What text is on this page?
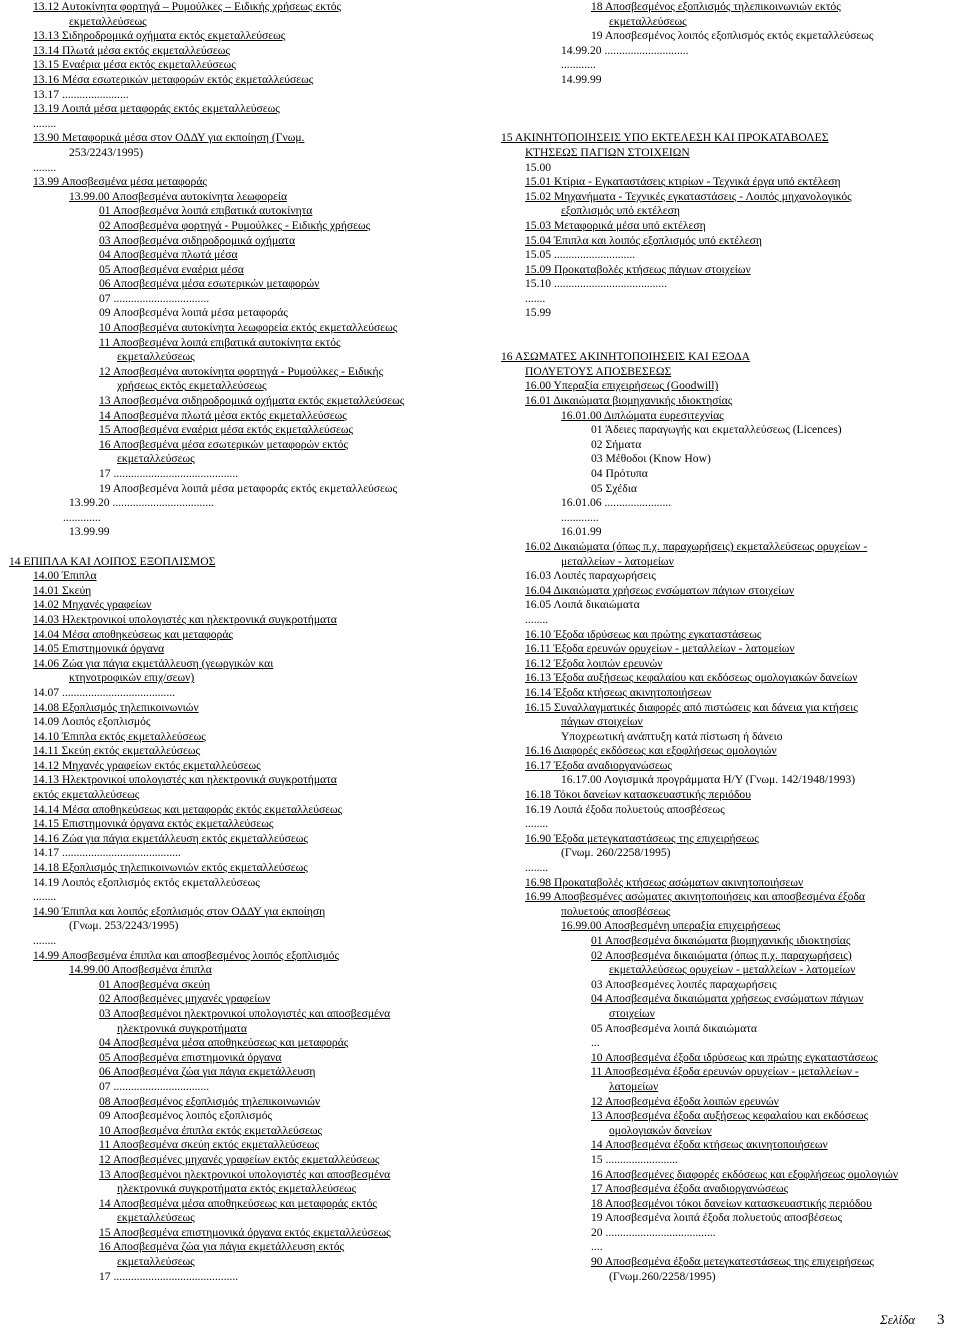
13.12 Αυτοκίνητα φορτηγά – Ρυμούλκες – Ειδικής χρήσεως εκτός
εκμεταλλεύσεως
13.13 Σιδηροδρομικά οχήματα εκτός εκμεταλλεύσεως
13.14 Πλωτά μέσα εκτός εκμεταλλεύσεως
13.15 Εναέρια μέσα εκτός εκμεταλλεύσεως
13.16 Μέσα εσωτερικών μεταφορών εκτός εκμεταλλεύσεως
13.17 .......................
13.19 Λοιπά μέσα μεταφοράς εκτός εκμεταλλεύσεως
........
13.90 Μεταφορικά μέσα στον ΟΔΔΥ για εκποίηση (Γνωμ.
253/2243/1995)
........
13.99 Αποσβεσμένα μέσα μεταφοράς
13.99.00 Αποσβεσμένα αυτοκίνητα λεωφορεία
01 Αποσβεσμένα λοιπά επιβατικά αυτοκίνητα
02 Αποσβεσμένα φορτηγά - Ρυμούλκες - Ειδικής χρήσεως
03 Αποσβεσμένα σιδηροδρομικά οχήματα
04 Αποσβεσμένα πλωτά μέσα
05 Αποσβεσμένα εναέρια μέσα
06 Αποσβεσμένα μέσα εσωτερικών μεταφορών
07 .................................
09 Αποσβεσμένα λοιπά μέσα μεταφοράς
10 Αποσβεσμένα αυτοκίνητα λεωφορεία εκτός εκμεταλλεύσεως
11 Αποσβεσμένα λοιπά επιβατικά αυτοκίνητα εκτός
εκμεταλλεύσεως
12 Αποσβεσμένα αυτοκίνητα φορτηγά - Ρυμούλκες - Ειδικής
χρήσεως εκτός εκμεταλλεύσεως
13 Αποσβεσμένα σιδηροδρομικά οχήματα εκτός εκμεταλλεύσεως
14 Αποσβεσμένα πλωτά μέσα εκτός εκμεταλλεύσεως
15 Αποσβεσμένα εναέρια μέσα εκτός εκμεταλλεύσεως
16 Αποσβεσμένα μέσα εσωτερικών μεταφορών εκτός
εκμεταλλεύσεως
17 ...........................................
19 Αποσβεσμένα λοιπά μέσα μεταφοράς εκτός εκμεταλλεύσεως
13.99.20 ...................................
.............
13.99.99
14 ΕΠΙΠΛΑ ΚΑΙ ΛΟΙΠΟΣ ΕΞΟΠΛΙΣΜΟΣ
14.00 Έπιπλα
14.01 Σκεύη
14.02 Μηχανές γραφείων
14.03 Ηλεκτρονικοί υπολογιστές και ηλεκτρονικά συγκροτήματα
14.04 Μέσα αποθηκεύσεως και μεταφοράς
14.05 Επιστημονικά όργανα
14.06 Ζώα για πάγια εκμετάλλευση (γεωργικών και
κτηνοτροφικών επιχ/σεων)
14.07 .......................................
14.08 Εξοπλισμός τηλεπικοινωνιών
14.09 Λοιπός εξοπλισμός
14.10 Έπιπλα εκτός εκμεταλλεύσεως
14.11 Σκεύη εκτός εκμεταλλεύσεως
14.12 Μηχανές γραφείων εκτός εκμεταλλεύσεως
14.13 Ηλεκτρονικοί υπολογιστές και ηλεκτρονικά συγκροτήματα
εκτός εκμεταλλεύσεως
14.14 Μέσα αποθηκεύσεως και μεταφοράς εκτός εκμεταλλεύσεως
14.15 Επιστημονικά όργανα εκτός εκμεταλλεύσεως
14.16 Ζώα για πάγια εκμετάλλευση εκτός εκμεταλλεύσεως
14.17 .........................................
14.18 Εξοπλισμός τηλεπικοινωνιών εκτός εκμεταλλεύσεως
14.19 Λοιπός εξοπλισμός εκτός εκμεταλλεύσεως
........
14.90 Έπιπλα και λοιπός εξοπλισμός στον ΟΔΔΥ για εκποίηση
(Γνωμ. 253/2243/1995)
........
14.99 Αποσβεσμένα έπιπλα και αποσβεσμένος λοιπός εξοπλισμός
14.99.00 Αποσβεσμένα έπιπλα
01 Αποσβεσμένα σκεύη
02 Αποσβεσμένες μηχανές γραφείων
03 Αποσβεσμένοι ηλεκτρονικοί υπολογιστές και αποσβεσμένα
ηλεκτρονικά συγκροτήματα
04 Αποσβεσμένα μέσα αποθηκεύσεως και μεταφοράς
05 Αποσβεσμένα επιστημονικά όργανα
06 Αποσβεσμένα ζώα για πάγια εκμετάλλευση
07 .................................
08 Αποσβεσμένος εξοπλισμός τηλεπικοινωνιών
09 Αποσβεσμένος λοιπός εξοπλισμός
10 Αποσβεσμένα έπιπλα εκτός εκμεταλλεύσεως
11 Αποσβεσμένα σκεύη εκτός εκμεταλλεύσεως
12 Αποσβεσμένες μηχανές γραφείων εκτός εκμεταλλεύσεως
13 Αποσβεσμένοι ηλεκτρονικοί υπολογιστές και αποσβεσμένα
ηλεκτρονικά συγκροτήματα εκτός εκμεταλλεύσεως
14 Αποσβεσμένα μέσα αποθηκεύσεως και μεταφοράς εκτός
εκμεταλλεύσεως
15 Αποσβεσμένα επιστημονικά όργανα εκτός εκμεταλλεύσεως
16 Αποσβεσμένα ζώα για πάγια εκμετάλλευση εκτός
εκμεταλλεύσεως
17 ...........................................
18 Αποσβεσμένος εξοπλισμός τηλεπικοινωνιών εκτός
εκμεταλλεύσεως
19 Αποσβεσμένος λοιπός εξοπλισμός εκτός εκμεταλλεύσεως
14.99.20 .............................
............
14.99.99
15 ΑΚΙΝΗΤΟΠΟΙΗΣΕΙΣ ΥΠΟ ΕΚΤΕΛΕΣΗ ΚΑΙ ΠΡΟΚΑΤΑΒΟΛΕΣ
ΚΤΗΣΕΩΣ ΠΑΓΙΩΝ ΣΤΟΙΧΕΙΩΝ
15.00
15.01 Κτίρια - Εγκαταστάσεις κτιρίων - Τεχνικά έργα υπό εκτέλεση
15.02 Μηχανήματα - Τεχνικές εγκαταστάσεις - Λοιπός μηχανολογικός
εξοπλισμός υπό εκτέλεση
15.03 Μεταφορικά μέσα υπό εκτέλεση
15.04 Έπιπλα και λοιπός εξοπλισμός υπό εκτέλεση
15.05 ............................
15.09 Προκαταβολές κτήσεως πάγιων στοιχείων
15.10 .......................................
.......
15.99
16 ΑΣΩΜΑΤΕΣ ΑΚΙΝΗΤΟΠΟΙΗΣΕΙΣ ΚΑΙ ΕΞΟΔΑ
ΠΟΛΥΕΤΟΥΣ ΑΠΟΣΒΕΣΕΩΣ
16.00 Υπεραξία επιχειρήσεως (Goodwill)
16.01 Δικαιώματα βιομηχανικής ιδιοκτησίας
16.01.00 Διπλώματα ευρεσιτεχνίας
01 Άδειες παραγωγής και εκμεταλλεύσεως (Licences)
02 Σήματα
03 Μέθοδοι (Know How)
04 Πρότυπα
05 Σχέδια
16.01.06 .......................
.............
16.01.99
16.02 Δικαιώματα (όπως π.χ. παραχωρήσεις) εκμεταλλεύσεως ορυχείων -
μεταλλείων - λατομείων
16.03 Λοιπές παραχωρήσεις
16.04 Δικαιώματα χρήσεως ενσώματων πάγιων στοιχείων
16.05 Λοιπά δικαιώματα
........
16.10 Έξοδα ιδρύσεως και πρώτης εγκαταστάσεως
16.11 Έξοδα ερευνών ορυχείων - μεταλλείων - λατομείων
16.12 Έξοδα λοιπών ερευνών
16.13 Έξοδα αυξήσεως κεφαλαίου και εκδόσεως ομολογιακών δανείων
16.14 Έξοδα κτήσεως ακινητοποιήσεων
16.15 Συναλλαγματικές διαφορές από πιστώσεις και δάνεια για κτήσεις
πάγιων στοιχείων
Υποχρεωτική ανάπτυξη κατά πίστωση ή δάνειο
16.16 Διαφορές εκδόσεως και εξοφλήσεως ομολογιών
16.17 Έξοδα αναδιοργανώσεως
16.17.00 Λογισμικά προγράμματα Η/Υ (Γνωμ. 142/1948/1993)
16.18 Τόκοι δανείων κατασκευαστικής περιόδου
16.19 Λοιπά έξοδα πολυετούς αποσβέσεως
........
16.90 Έξοδα μετεγκαταστάσεως της επιχειρήσεως
(Γνωμ. 260/2258/1995)
........
16.98 Προκαταβολές κτήσεως ασώματων ακινητοποιήσεων
16.99 Αποσβεσμένες ασώματες ακινητοποιήσεις και αποσβεσμένα έξοδα
πολυετούς αποσβέσεως
16.99.00 Αποσβεσμένη υπεραξία επιχειρήσεως
01 Αποσβεσμένα δικαιώματα βιομηχανικής ιδιοκτησίας
02 Αποσβεσμένα δικαιώματα (όπως π.χ. παραχωρήσεις)
εκμεταλλεύσεως ορυχείων - μεταλλείων - λατομείων
03 Αποσβεσμένες λοιπές παραχωρήσεις
04 Αποσβεσμένα δικαιώματα χρήσεως ενσώματων πάγιων
στοιχείων
05 Αποσβεσμένα λοιπά δικαιώματα
...
10 Αποσβεσμένα έξοδα ιδρύσεως και πρώτης εγκαταστάσεως
11 Αποσβεσμένα έξοδα ερευνών ορυχείων - μεταλλείων -
λατομείων
12 Αποσβεσμένα έξοδα λοιπών ερευνών
13 Αποσβεσμένα έξοδα αυξήσεως κεφαλαίου και εκδόσεως
ομολογιακών δανείων
14 Αποσβεσμένα έξοδα κτήσεως ακινητοποιήσεων
15 .........................
16 Αποσβεσμένες διαφορές εκδόσεως και εξοφλήσεως ομολογιών
17 Αποσβεσμένα έξοδα αναδιοργανώσεως
18 Αποσβεσμένοι τόκοι δανείων κατασκευαστικής περιόδου
19 Αποσβεσμένα λοιπά έξοδα πολυετούς αποσβέσεως
20 ......................................
....
90 Αποσβεσμένα έξοδα μετεγκατεστάσεως της επιχειρήσεως
(Γνωμ.260/2258/1995)
Σελίδα 3
